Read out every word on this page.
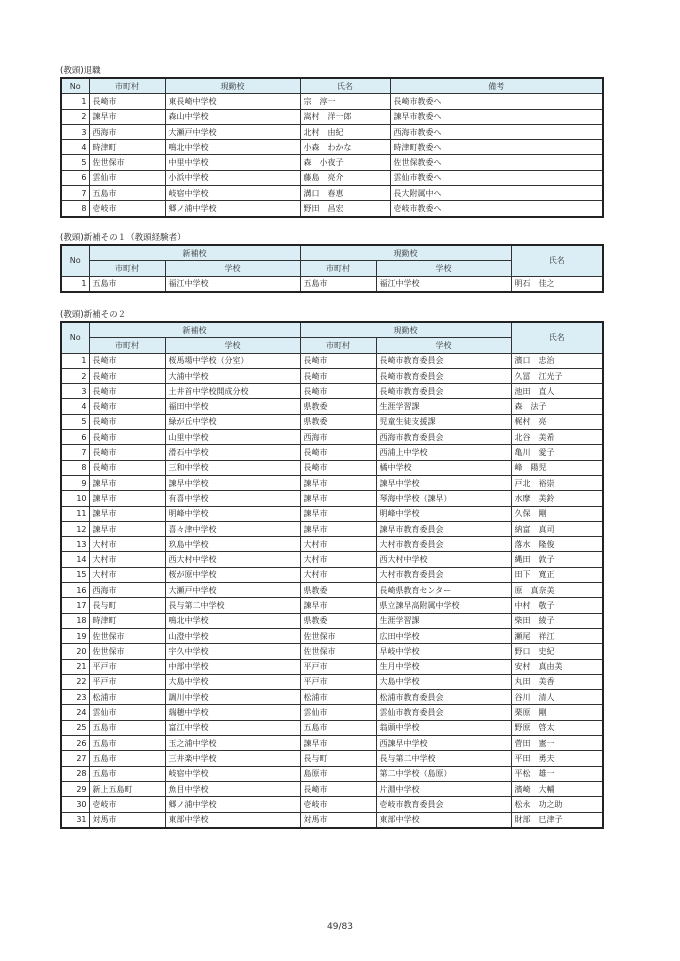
(教頭)退職
No	市町村	現勤校	氏名	備考
1	長崎市	東長崎中学校	宗　淳一	長崎市教委へ
2	諫早市	森山中学校	嵩村　洋一郎	諫早市教委へ
3	西海市	大瀬戸中学校	北村　由紀	西海市教委へ
4	時津町	鳴北中学校	小森　わかな	時津町教委へ
5	佐世保市	中里中学校	森　小夜子	佐世保教委へ
6	雲仙市	小浜中学校	藤島　亮介	雲仙市教委へ
7	五島市	岐宿中学校	溝口　春恵	長大附属中へ
8	壱岐市	郷ノ浦中学校	野田　昌宏	壱岐市教委へ
(教頭)新補その１（教頭経験者）
No	新補校		現勤校		氏名
	市町村	学校	市町村	学校	
1	五島市	福江中学校	五島市	福江中学校	明石　佳之
(教頭)新補その２
No	新補校		現勤校		氏名
	市町村	学校	市町村	学校	
1	長崎市	桜馬場中学校（分室）	長崎市	長崎市教育委員会	濱口　忠治
2	長崎市	大浦中学校	長崎市	長崎市教育委員会	久冨　江光子
3	長崎市	土井首中学校開成分校	長崎市	長崎市教育委員会	池田　直人
4	長崎市	福田中学校	県教委	生涯学習課	森　法子
5	長崎市	緑が丘中学校	県教委	児童生徒支援課	梶村　亮
6	長崎市	山里中学校	西海市	西海市教育委員会	北谷　美希
7	長崎市	滑石中学校	長崎市	西浦上中学校	亀川　愛子
8	長崎市	三和中学校	長崎市	橘中学校	峰　陽児
9	諫早市	諫早中学校	諫早市	諫早中学校	戸北　裕崇
10	諫早市	有喜中学校	諫早市	琴海中学校（諫早）	水摩　美鈴
11	諫早市	明峰中学校	諫早市	明峰中学校	久保　剛
12	諫早市	喜々津中学校	諫早市	諫早市教育委員会	納富　真司
13	大村市	玖島中学校	大村市	大村市教育委員会	落水　隆俊
14	大村市	西大村中学校	大村市	西大村中学校	縄田　敦子
15	大村市	桜が原中学校	大村市	大村市教育委員会	田下　寛正
16	西海市	大瀬戸中学校	県教委	長崎県教育センター	原　真奈美
17	長与町	長与第二中学校	諫早市	県立諫早高附属中学校	中村　敬子
18	時津町	鳴北中学校	県教委	生涯学習課	柴田　綾子
19	佐世保市	山澄中学校	佐世保市	広田中学校	瀬尾　祥江
20	佐世保市	宇久中学校	佐世保市	早岐中学校	野口　史紀
21	平戸市	中部中学校	平戸市	生月中学校	安村　真由美
22	平戸市	大島中学校	平戸市	大島中学校	丸田　美香
23	松浦市	調川中学校	松浦市	松浦市教育委員会	谷川　清人
24	雲仙市	瑞穂中学校	雲仙市	雲仙市教育委員会	栗原　剛
25	五島市	富江中学校	五島市	翁頭中学校	野原　啓太
26	五島市	玉之浦中学校	諫早市	西諫早中学校	菅田　憲一
27	五島市	三井楽中学校	長与町	長与第二中学校	平田　勇夫
28	五島市	岐宿中学校	島原市	第二中学校（島原）	平松　雄一
29	新上五島町	魚目中学校	長崎市	片淵中学校	濱崎　大輔
30	壱岐市	郷ノ浦中学校	壱岐市	壱岐市教育委員会	松永　功之助
31	対馬市	東部中学校	対馬市	東部中学校	財部　巳津子
49/83
